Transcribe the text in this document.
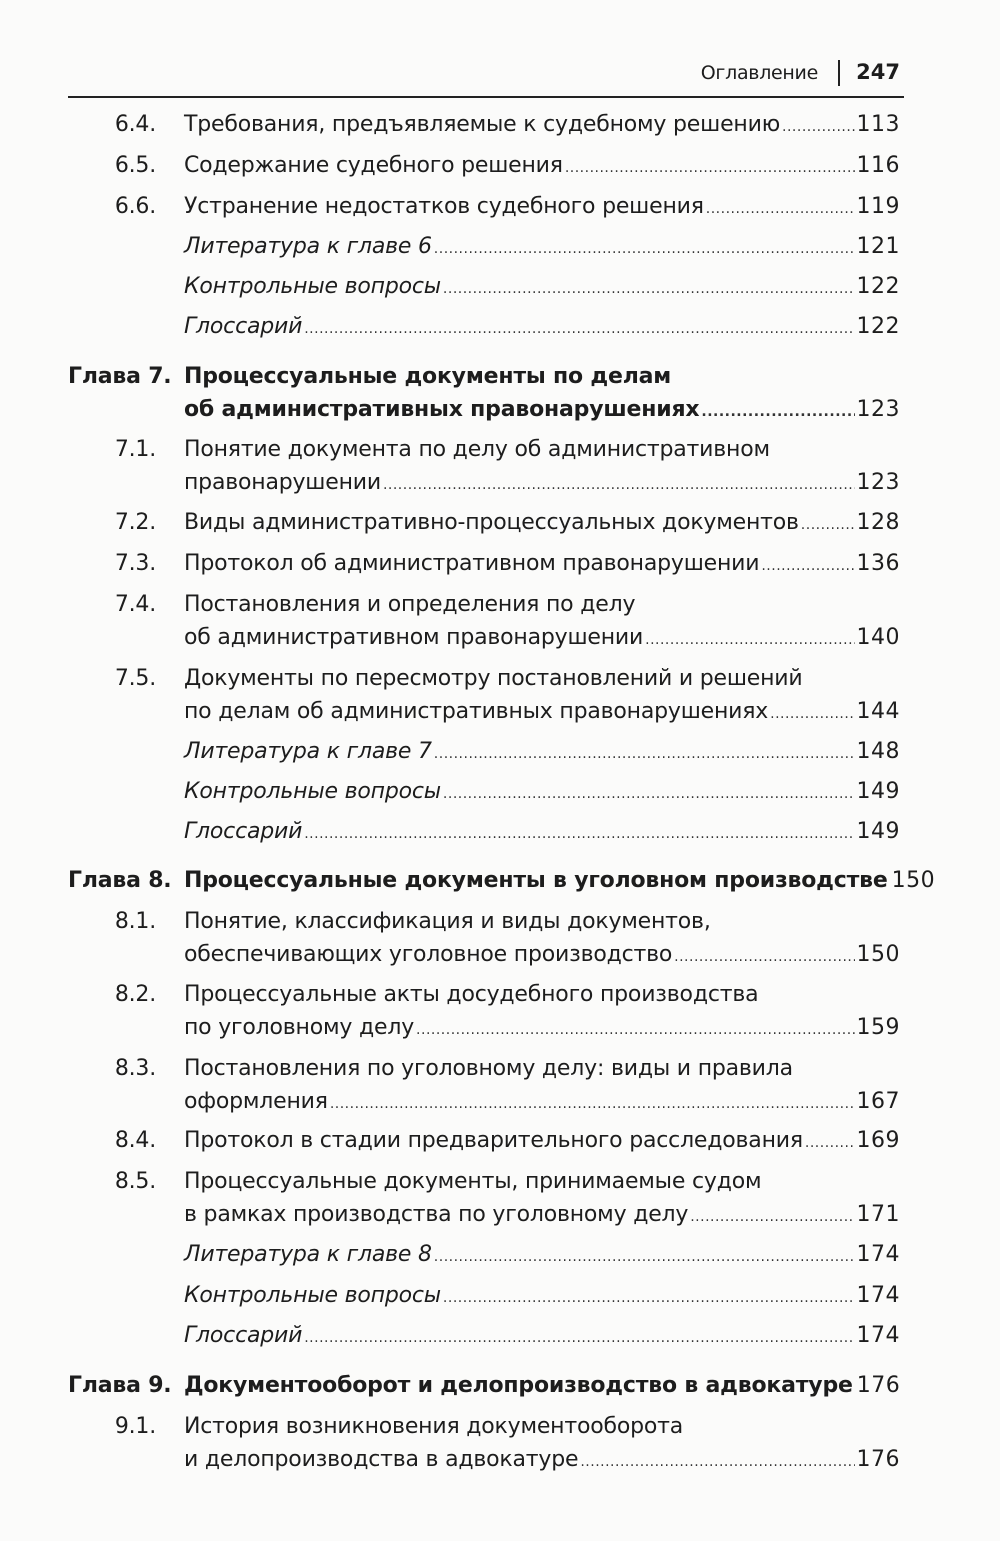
Оглавление 247
6.4. Требования, предъявляемые к судебному решению .....	113
6.5. Содержание судебного решения .....	116
6.6. Устранение недостатков судебного решения .....	119
Литература к главе 6 .....	121
Контрольные вопросы .....	122
Глоссарий .....	122
Глава 7. Процессуальные документы по делам
об административных правонарушениях .....	123
7.1. Понятие документа по делу об административном
правонарушении .....	123
7.2. Виды административно-процессуальных документов .....	128
7.3. Протокол об административном правонарушении .....	136
7.4. Постановления и определения по делу
об административном правонарушении .....	140
7.5. Документы по пересмотру постановлений и решений
по делам об административных правонарушениях .....	144
Литература к главе 7 .....	148
Контрольные вопросы .....	149
Глоссарий .....	149
Глава 8. Процессуальные документы в уголовном производстве 150
8.1. Понятие, классификация и виды документов,
обеспечивающих уголовное производство .....	150
8.2. Процессуальные акты досудебного производства
по уголовному делу .....	159
8.3. Постановления по уголовному делу: виды и правила
оформления .....	167
8.4. Протокол в стадии предварительного расследования ..... 169
8.5. Процессуальные документы, принимаемые судом
в рамках производства по уголовному делу .....	171
Литература к главе 8 .....	174
Контрольные вопросы .....	174
Глоссарий .....	174
Глава 9. Документооборот и делопроизводство в адвокатуре 176
9.1. История возникновения документооборота
и делопроизводства в адвокатуре .....	176
